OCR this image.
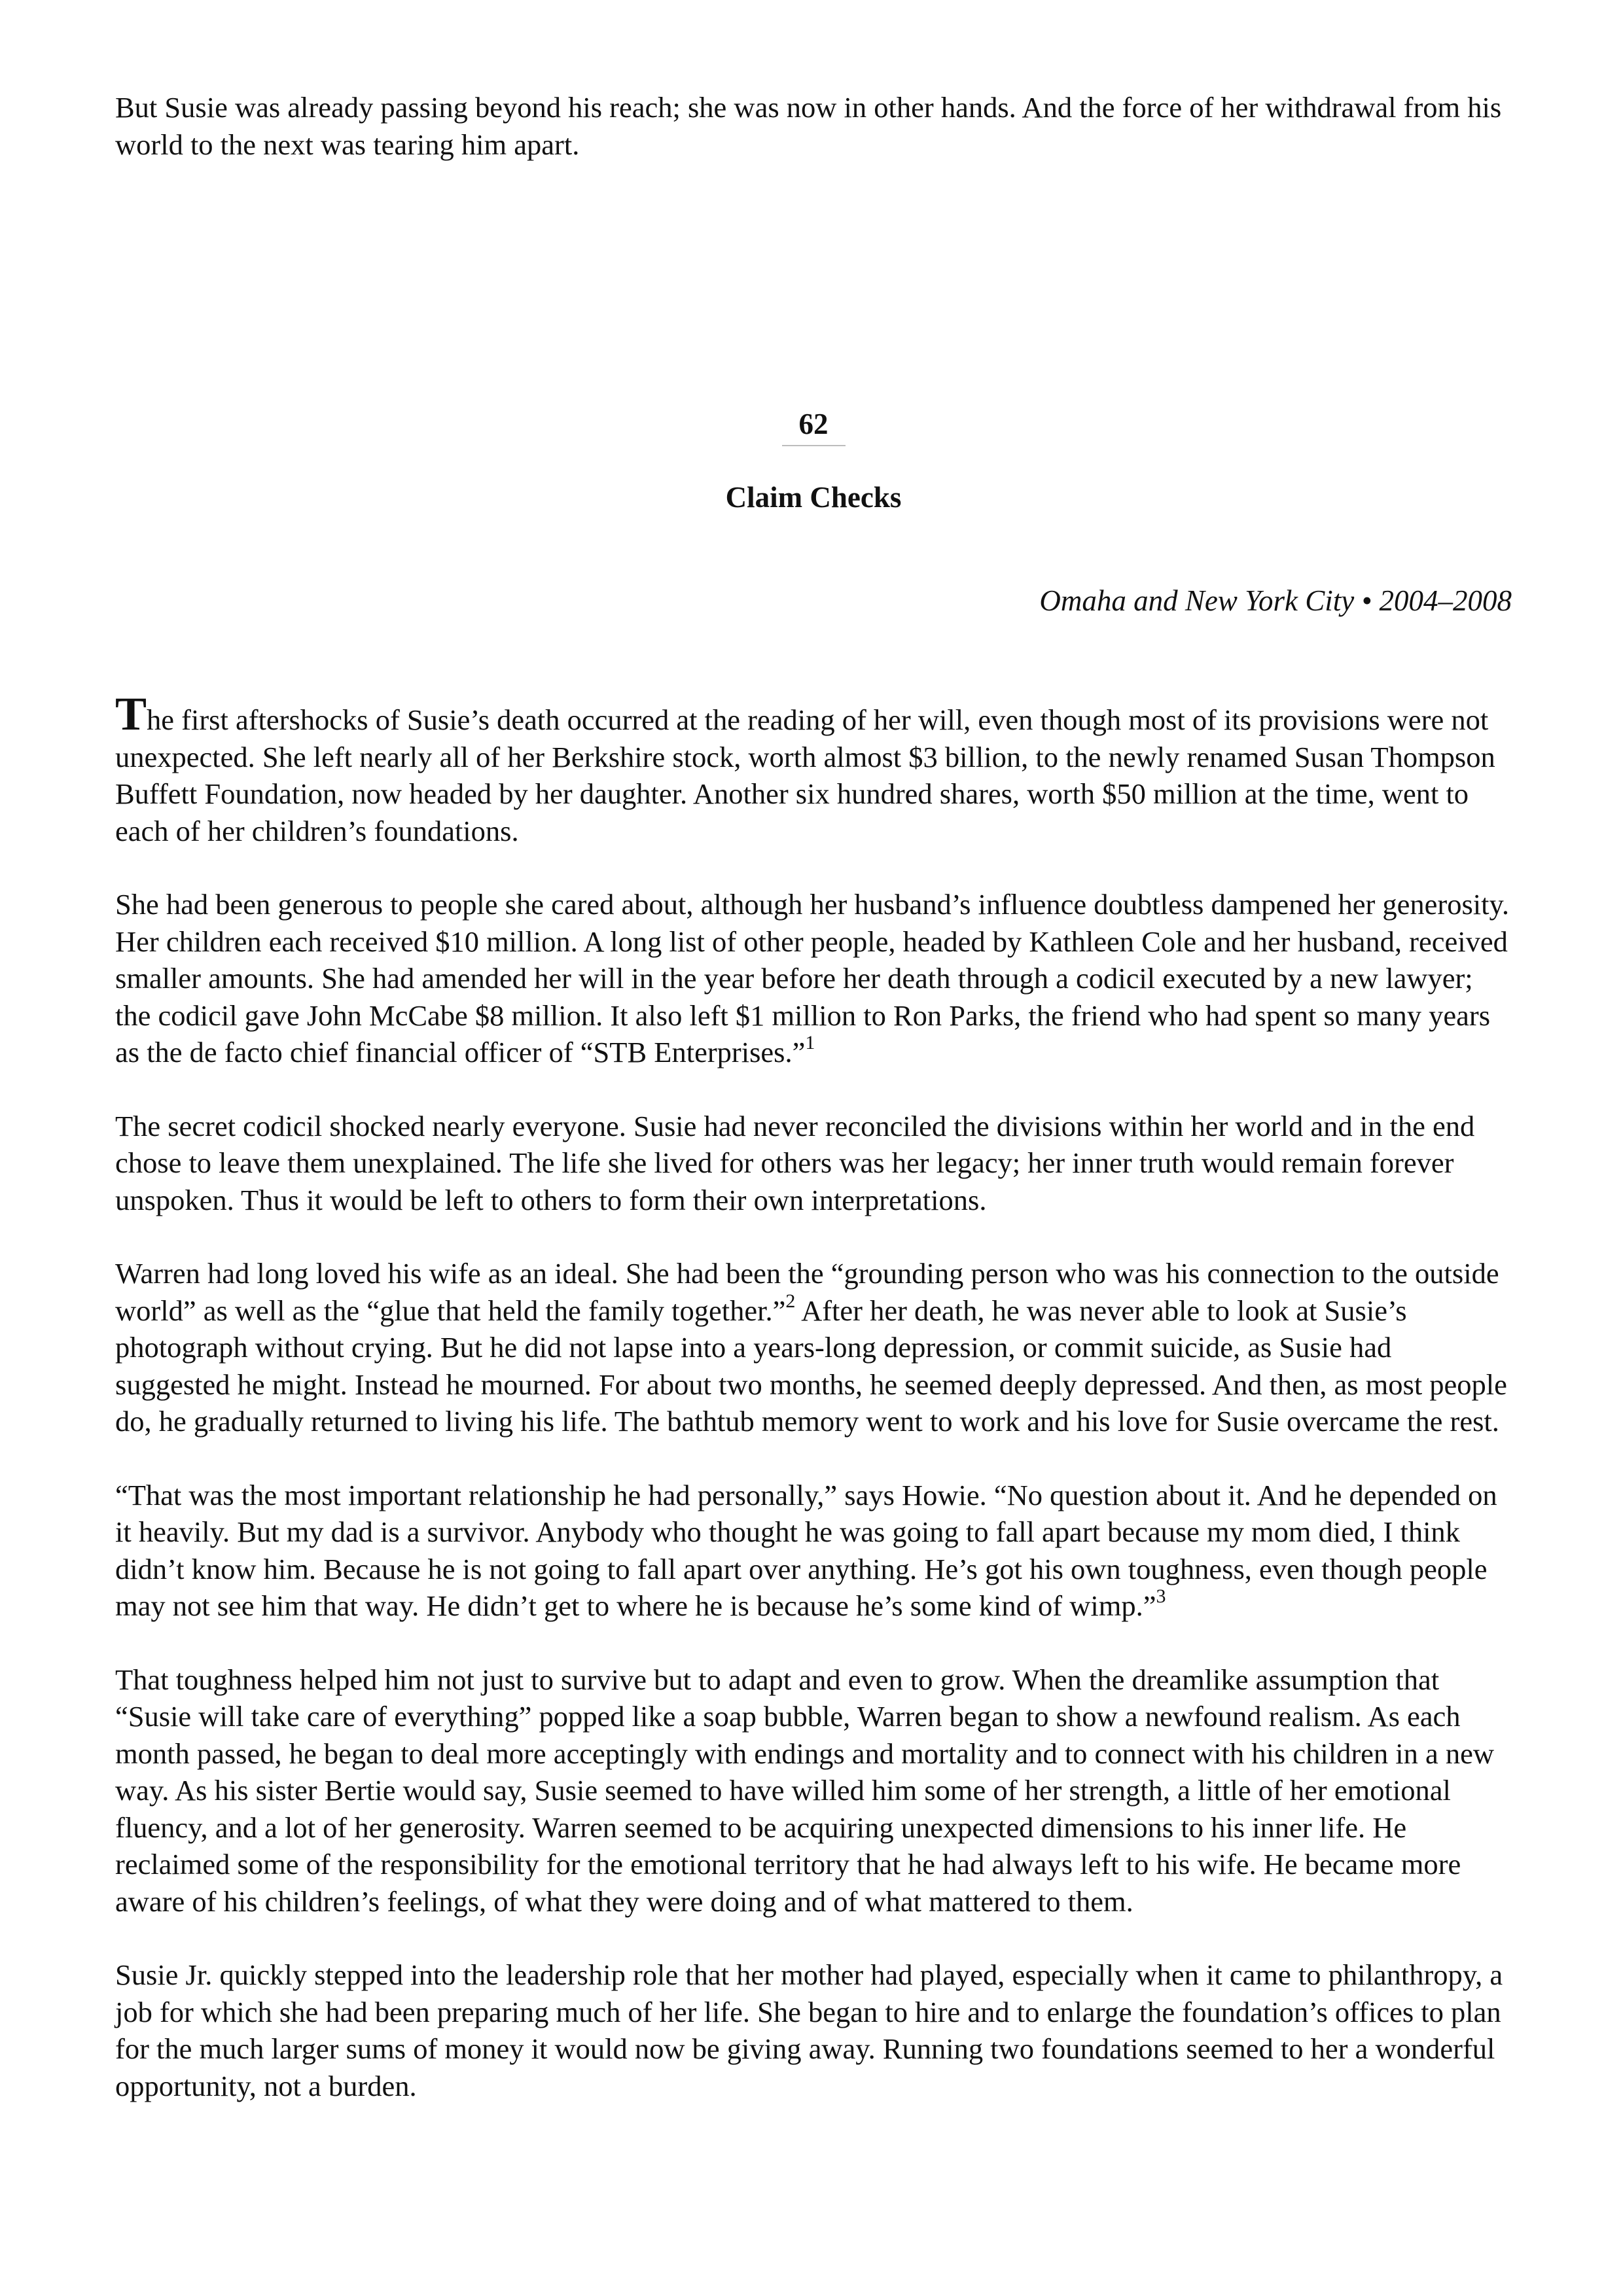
But Susie was already passing beyond his reach; she was now in other hands. And the force of her withdrawal from his world to the next was tearing him apart.

62
Claim Checks
Omaha and New York City • 2004–2008

The first aftershocks of Susie’s death occurred at the reading of her will, even though most of its provisions were not unexpected. She left nearly all of her Berkshire stock, worth almost $3 billion, to the newly renamed Susan Thompson Buffett Foundation, now headed by her daughter. Another six hundred shares, worth $50 million at the time, went to each of her children’s foundations.

She had been generous to people she cared about, although her husband’s influence doubtless dampened her generosity. Her children each received $10 million. A long list of other people, headed by Kathleen Cole and her husband, received smaller amounts. She had amended her will in the year before her death through a codicil executed by a new lawyer; the codicil gave John McCabe $8 million. It also left $1 million to Ron Parks, the friend who had spent so many years as the de facto chief financial officer of “STB Enterprises.”$^1$

The secret codicil shocked nearly everyone. Susie had never reconciled the divisions within her world and in the end chose to leave them unexplained. The life she lived for others was her legacy; her inner truth would remain forever unspoken. Thus it would be left to others to form their own interpretations.

Warren had long loved his wife as an ideal. She had been the “grounding person who was his connection to the outside world” as well as the “glue that held the family together.”$^2$ After her death, he was never able to look at Susie’s photograph without crying. But he did not lapse into a years-long depression, or commit suicide, as Susie had suggested he might. Instead he mourned. For about two months, he seemed deeply depressed. And then, as most people do, he gradually returned to living his life. The bathtub memory went to work and his love for Susie overcame the rest.

“That was the most important relationship he had personally,” says Howie. “No question about it. And he depended on it heavily. But my dad is a survivor. Anybody who thought he was going to fall apart because my mom died, I think didn’t know him. Because he is not going to fall apart over anything. He’s got his own toughness, even though people may not see him that way. He didn’t get to where he is because he’s some kind of wimp.”$^3$

That toughness helped him not just to survive but to adapt and even to grow. When the dreamlike assumption that “Susie will take care of everything” popped like a soap bubble, Warren began to show a newfound realism. As each month passed, he began to deal more acceptingly with endings and mortality and to connect with his children in a new way. As his sister Bertie would say, Susie seemed to have willed him some of her strength, a little of her emotional fluency, and a lot of her generosity. Warren seemed to be acquiring unexpected dimensions to his inner life. He reclaimed some of the responsibility for the emotional territory that he had always left to his wife. He became more aware of his children’s feelings, of what they were doing and of what mattered to them.

Susie Jr. quickly stepped into the leadership role that her mother had played, especially when it came to philanthropy, a job for which she had been preparing much of her life. She began to hire and to enlarge the foundation’s offices to plan for the much larger sums of money it would now be giving away. Running two foundations seemed to her a wonderful opportunity, not a burden.
